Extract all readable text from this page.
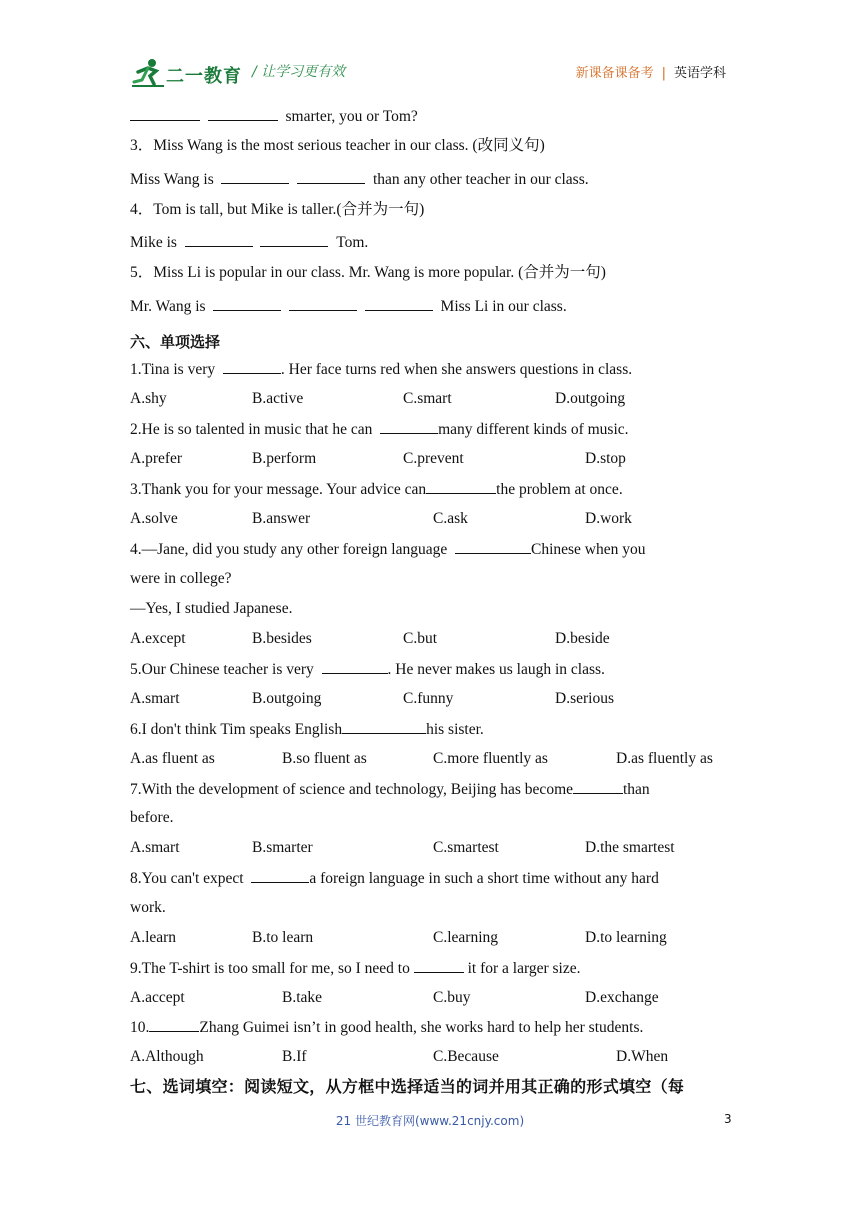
二一教育 / 让学习更有效	新课备课备考 | 英语学科
smarter, you or Tom?
3．Miss Wang is the most serious teacher in our class. (改同义句)
Miss Wang is	than any other teacher in our class.
4．Tom is tall, but Mike is taller.(合并为一句)
Mike is	Tom.
5．Miss Li is popular in our class. Mr. Wang is more popular. (合并为一句)
Mr. Wang is	Miss Li in our class.
六、单项选择
1.Tina is very	. Her face turns red when she answers questions in class.
A.shy	B.active	C.smart	D.outgoing
2.He is so talented in music that he can	many different kinds of music.
A.prefer	B.perform	C.prevent	D.stop
3.Thank you for your message. Your advice can	the problem at once.
A.solve	B.answer	C.ask	D.work
4.—Jane, did you study any other foreign language	Chinese when you
were in college?
—Yes, I studied Japanese.
A.except	B.besides	C.but	D.beside
5.Our Chinese teacher is very	. He never makes us laugh in class.
A.smart	B.outgoing	C.funny	D.serious
6.I don't think Tim speaks English	his sister.
A.as fluent as	B.so fluent as	C.more fluently as	D.as fluently as
7.With the development of science and technology, Beijing has become	than
before.
A.smart	B.smarter	C.smartest	D.the smartest
8.You can't expect	a foreign language in such a short time without any hard
work.
A.learn	B.to learn	C.learning	D.to learning
9.The T-shirt is too small for me, so I need to	it for a larger size.
A.accept	B.take	C.buy	D.exchange
10.	Zhang Guimei isn’t in good health, she works hard to help her students.
A.Although	B.If	C.Because	D.When
七、选词填空：阅读短文，从方框中选择适当的词并用其正确的形式填空（每
21 世纪教育网(www.21cnjy.com)	3
